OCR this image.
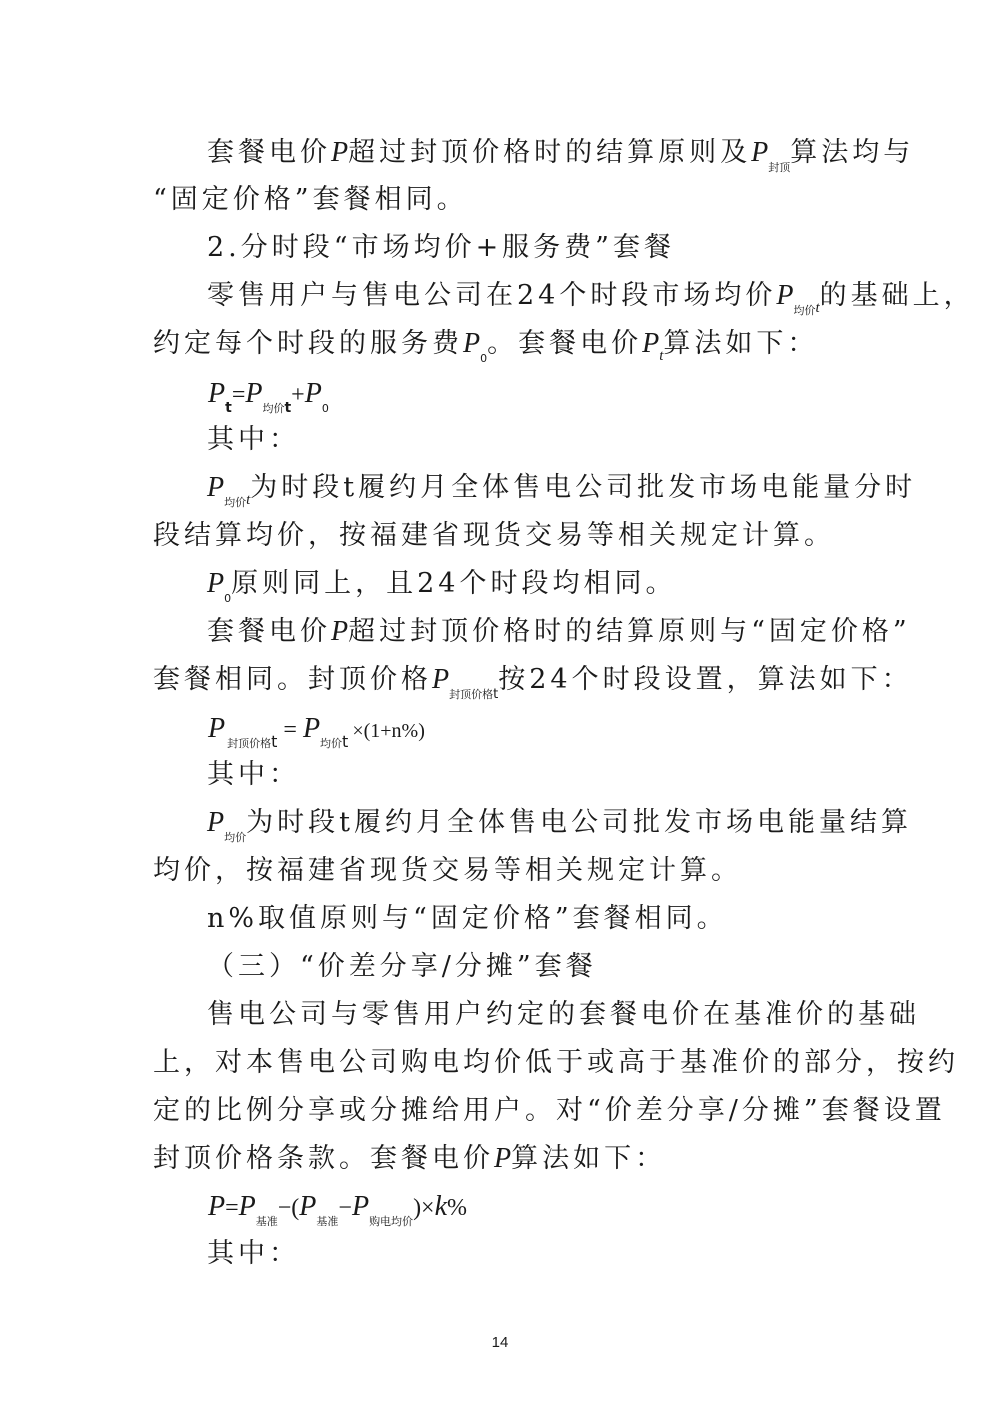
套餐电价P超过封顶价格时的结算原则及$P_{封顶}$算法均与
“固定价格”套餐相同。
2.分时段“市场均价+服务费”套餐
零售用户与售电公司在24个时段市场均价$P_{均价t}$的基础上，
约定每个时段的服务费$P_0$。套餐电价$P_t$算法如下：
$P_t=P_{均价t}+P_0$
其中：
$P_{均价t}$为时段t履约月全体售电公司批发市场电能量分时
段结算均价，按福建省现货交易等相关规定计算。
$P_0$原则同上，且24个时段均相同。
套餐电价P超过封顶价格时的结算原则与“固定价格”
套餐相同。封顶价格$P_{封顶价格t}$按24个时段设置，算法如下：
P $_{封顶价格t} = P_{均价t} \times(1+n\%)$
其中：
$P_{均价}$为时段t履约月全体售电公司批发市场电能量结算
均价，按福建省现货交易等相关规定计算。
n%取值原则与“固定价格”套餐相同。
（三）“价差分享/分摊”套餐
售电公司与零售用户约定的套餐电价在基准价的基础
上，对本售电公司购电均价低于或高于基准价的部分，按约
定的比例分享或分摊给用户。对“价差分享/分摊”套餐设置
封顶价格条款。套餐电价P算法如下：
$P=P_{基准}-(P_{基准}-P_{购电均价})\times k\%$
其中：
14
